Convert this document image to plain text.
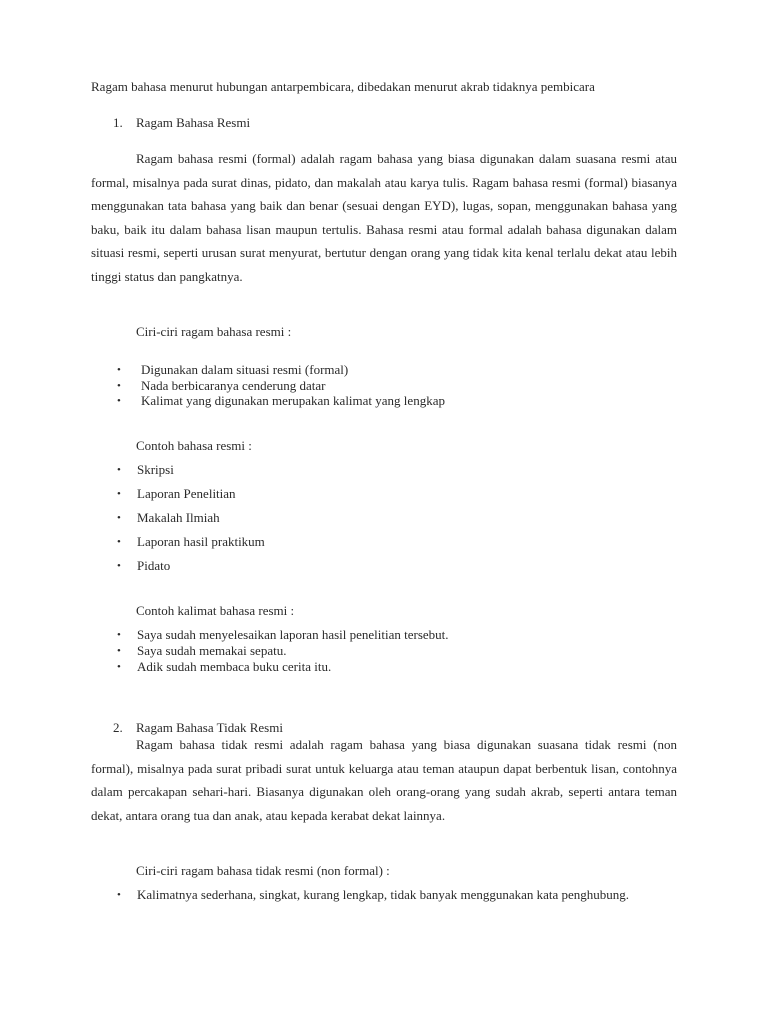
Ragam bahasa menurut hubungan antarpembicara, dibedakan menurut akrab tidaknya pembicara
1. Ragam Bahasa Resmi
Ragam bahasa resmi (formal) adalah ragam bahasa yang biasa digunakan dalam suasana resmi atau formal, misalnya pada surat dinas, pidato, dan makalah atau karya tulis. Ragam bahasa resmi (formal) biasanya menggunakan tata bahasa yang baik dan benar (sesuai dengan EYD), lugas, sopan, menggunakan bahasa yang baku, baik itu dalam bahasa lisan maupun tertulis. Bahasa resmi atau formal adalah bahasa digunakan dalam situasi resmi, seperti urusan surat menyurat, bertutur dengan orang yang tidak kita kenal terlalu dekat atau lebih tinggi status dan pangkatnya.
Ciri-ciri ragam bahasa resmi :
• Digunakan dalam situasi resmi (formal)
• Nada berbicaranya cenderung datar
• Kalimat yang digunakan merupakan kalimat yang lengkap
Contoh bahasa resmi :
• Skripsi
• Laporan Penelitian
• Makalah Ilmiah
• Laporan hasil praktikum
• Pidato
Contoh kalimat bahasa resmi :
• Saya sudah menyelesaikan laporan hasil penelitian tersebut.
• Saya sudah memakai sepatu.
• Adik sudah membaca buku cerita itu.
2. Ragam Bahasa Tidak Resmi
Ragam bahasa tidak resmi adalah ragam bahasa yang biasa digunakan suasana tidak resmi (non formal), misalnya pada surat pribadi surat untuk keluarga atau teman ataupun dapat berbentuk lisan, contohnya dalam percakapan sehari-hari. Biasanya digunakan oleh orang-orang yang sudah akrab, seperti antara teman dekat, antara orang tua dan anak, atau kepada kerabat dekat lainnya.
Ciri-ciri ragam bahasa tidak resmi (non formal) :
• Kalimatnya sederhana, singkat, kurang lengkap, tidak banyak menggunakan kata penghubung.
